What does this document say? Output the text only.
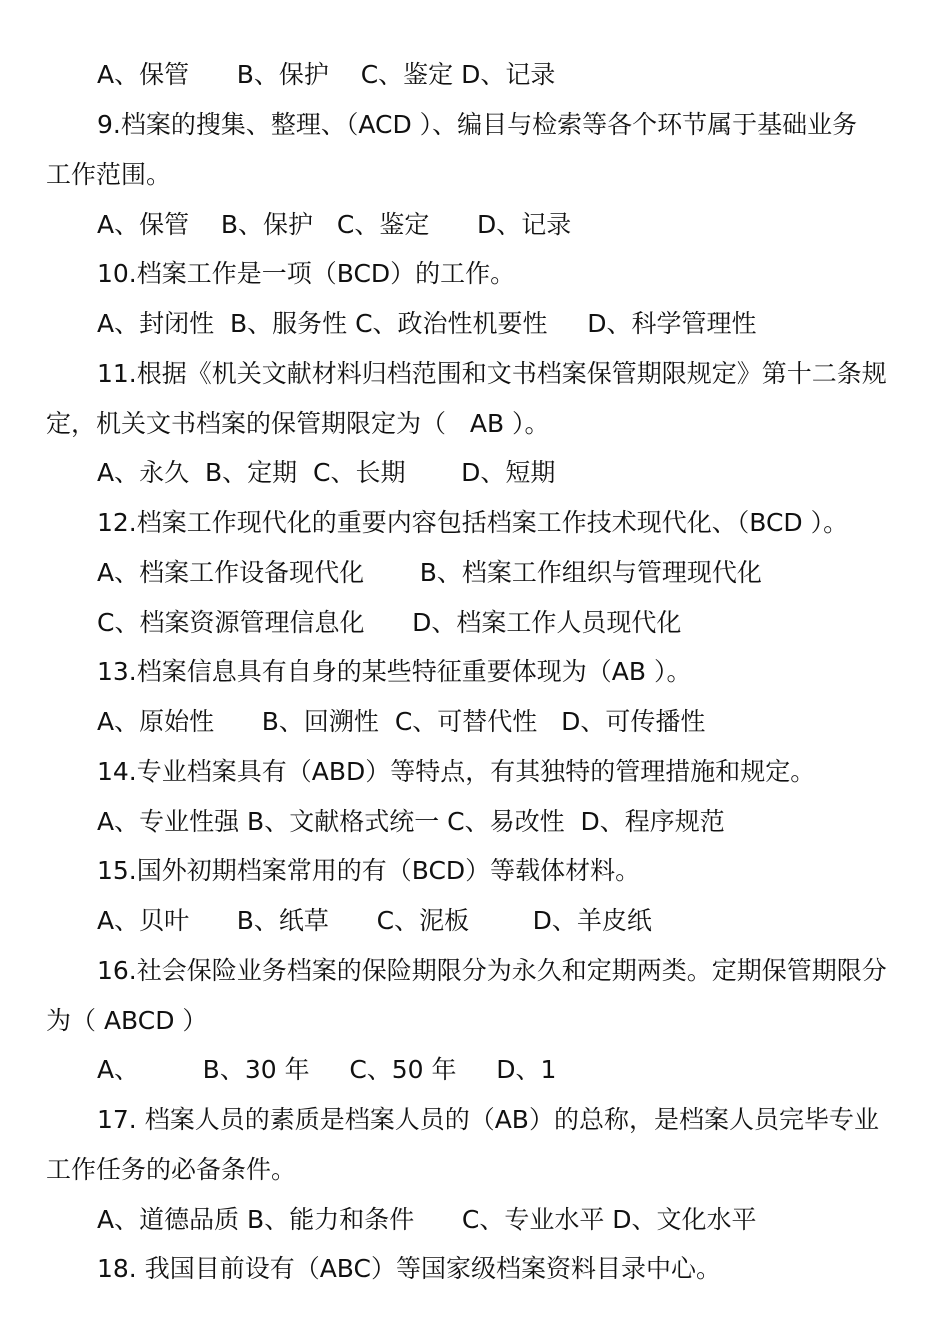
A、保管      B、保护    C、鉴定 D、记录
9.档案的搜集、整理、（ACD ）、编目与检索等各个环节属于基础业务
工作范围。
A、保管    B、保护   C、鉴定      D、记录
10.档案工作是一项（BCD）的工作。
A、封闭性  B、服务性 C、政治性机要性     D、科学管理性
11.根据《机关文献材料归档范围和文书档案保管期限规定》第十二条规
定，机关文书档案的保管期限定为（   AB ）。
A、永久  B、定期  C、长期       D、短期
12.档案工作现代化的重要内容包括档案工作技术现代化、（BCD ）。
A、档案工作设备现代化       B、档案工作组织与管理现代化
C、档案资源管理信息化      D、档案工作人员现代化
13.档案信息具有自身的某些特征重要体现为（AB ）。
A、原始性      B、回溯性  C、可替代性   D、可传播性
14.专业档案具有（ABD）等特点，有其独特的管理措施和规定。
A、专业性强 B、文献格式统一 C、易改性  D、程序规范
15.国外初期档案常用的有（BCD）等载体材料。
A、贝叶      B、纸草      C、泥板        D、羊皮纸
16.社会保险业务档案的保险期限分为永久和定期两类。定期保管期限分
为（ ABCD ）
A、        B、30 年     C、50 年     D、1
17. 档案人员的素质是档案人员的（AB）的总称，是档案人员完毕专业
工作任务的必备条件。
A、道德品质 B、能力和条件      C、专业水平 D、文化水平
18. 我国目前设有（ABC）等国家级档案资料目录中心。
